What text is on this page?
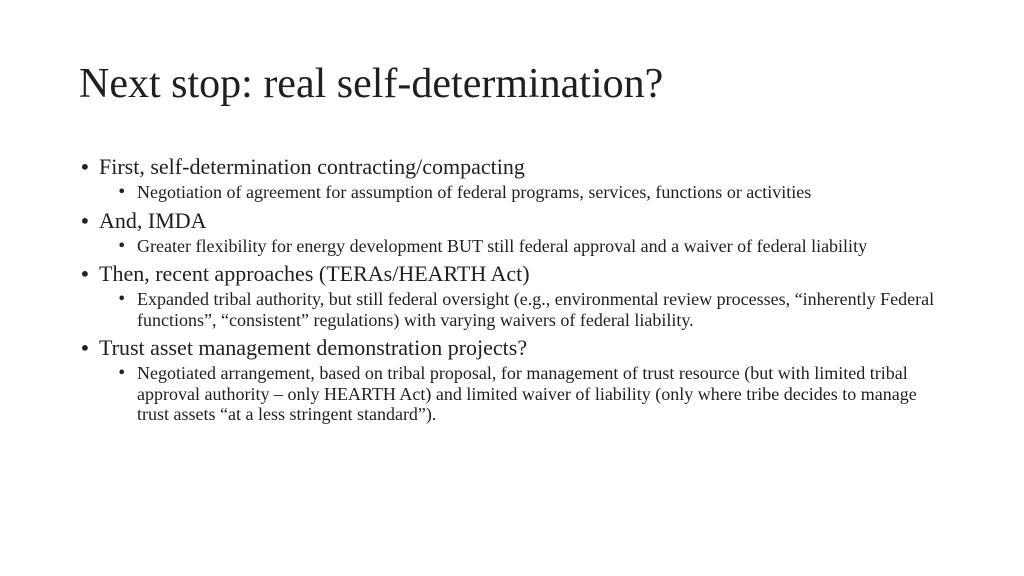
Next stop: real self-determination?
• First, self-determination contracting/compacting
• Negotiation of agreement for assumption of federal programs, services, functions or activities
• And, IMDA
• Greater flexibility for energy development BUT still federal approval and a waiver of federal liability
• Then, recent approaches (TERAs/HEARTH Act)
• Expanded tribal authority, but still federal oversight (e.g., environmental review processes, “inherently Federal functions”, “consistent” regulations) with varying waivers of federal liability.
• Trust asset management demonstration projects?
• Negotiated arrangement, based on tribal proposal, for management of trust resource (but with limited tribal approval authority – only HEARTH Act) and limited waiver of liability (only where tribe decides to manage trust assets “at a less stringent standard”).
